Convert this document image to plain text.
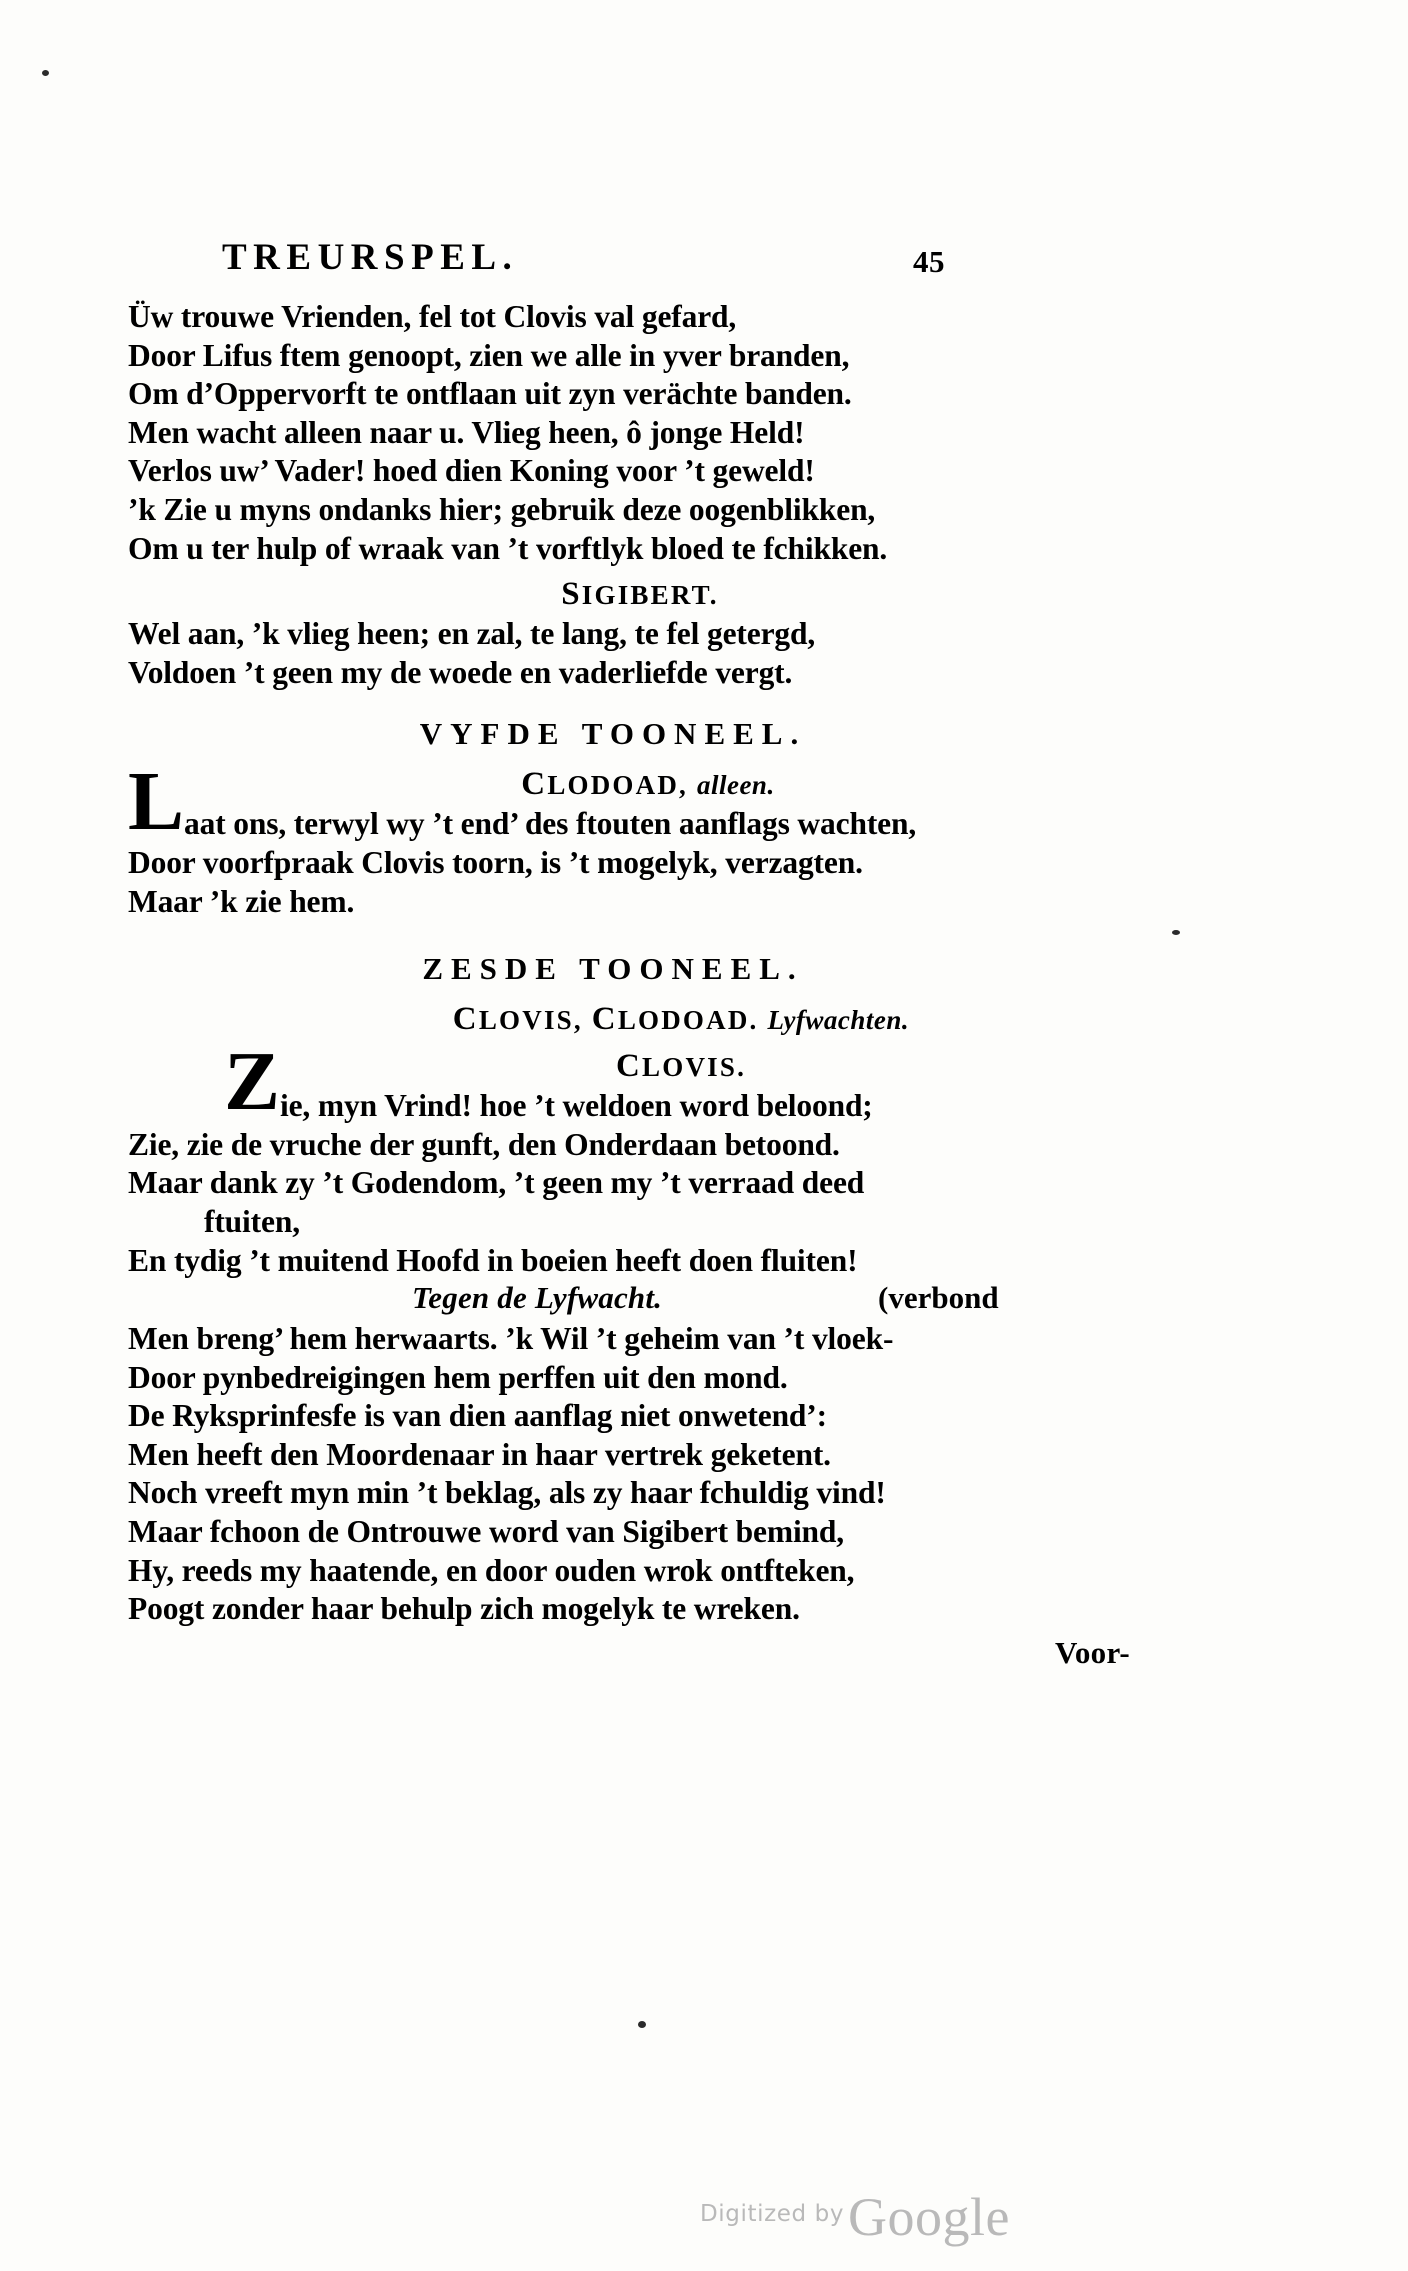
TREURSPEL.	45
Üw trouwe Vrienden, fel tot Clovis val gefard,
Door Lifus ftem genoopt, zien we alle in yver branden,
Om d’Oppervorft te ontflaan uit zyn verächte banden.
Men wacht alleen naar u. Vlieg heen, ô jonge Held!
Verlos uw’ Vader! hoed dien Koning voor ’t geweld!
’k Zie u myns ondanks hier; gebruik deze oogenblikken,
Om u ter hulp of wraak van ’t vorftlyk bloed te fchikken.
SIGIBERT.
Wel aan, ’k vlieg heen; en zal, te lang, te fel getergd,
Voldoen ’t geen my de woede en vaderliefde vergt.
VYFDE TOONEEL.
L	CLODOAD, alleen.
aat ons, terwyl wy ’t end’ des ftouten aanflags wachten,
Door voorfpraak Clovis toorn, is ’t mogelyk, verzagten.
Maar ’k zie hem.
ZESDE TOONEEL.
CLOVIS, CLODOAD. Lyfwachten.
Z	CLOVIS.
ie, myn Vrind! hoe ’t weldoen word beloond;
Zie, zie de vruche der gunft, den Onderdaan betoond.
Maar dank zy ’t Godendom, ’t geen my ’t verraad deed
ftuiten,
En tydig ’t muitend Hoofd in boeien heeft doen fluiten!
Tegen de Lyfwacht.	(verbond
Men breng’ hem herwaarts. ’k Wil ’t geheim van ’t vloek-
Door pynbedreigingen hem perffen uit den mond.
De Ryksprinfesfe is van dien aanflag niet onwetend’:
Men heeft den Moordenaar in haar vertrek geketent.
Noch vreeft myn min ’t beklag, als zy haar fchuldig vind!
Maar fchoon de Ontrouwe word van Sigibert bemind,
Hy, reeds my haatende, en door ouden wrok ontfteken,
Poogt zonder haar behulp zich mogelyk te wreken.
Voor-
Digitized by Google
